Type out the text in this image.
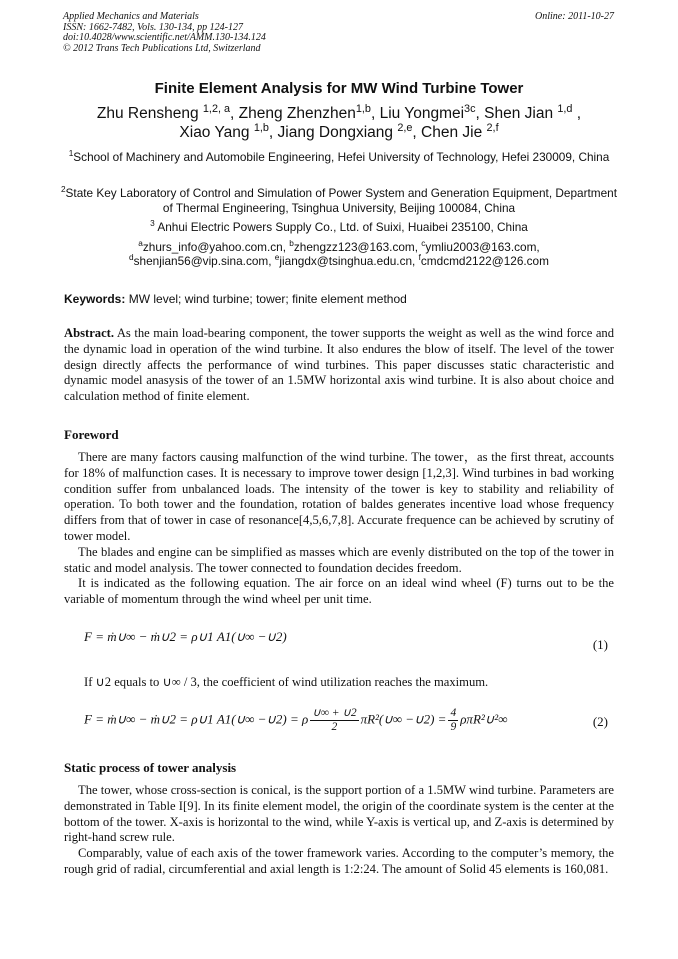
Applied Mechanics and Materials
ISSN: 1662-7482, Vols. 130-134, pp 124-127
doi:10.4028/www.scientific.net/AMM.130-134.124
© 2012 Trans Tech Publications Ltd, Switzerland
Online: 2011-10-27
Finite Element Analysis for MW Wind Turbine Tower
Zhu Rensheng $^{1,2, a}$, Zheng Zhenzhen$^{1,b}$, Liu Yongmei$^{3c}$, Shen Jian $^{1,d}$ ,
Xiao Yang $^{1,b}$, Jiang Dongxiang $^{2,e}$, Chen Jie $^{2,f}$
$^1$School of Machinery and Automobile Engineering, Hefei University of Technology, Hefei 230009, China
$^2$State Key Laboratory of Control and Simulation of Power System and Generation Equipment, Department of Thermal Engineering, Tsinghua University, Beijing 100084, China
$^3$ Anhui Electric Powers Supply Co., Ltd. of Suixi, Huaibei 235100, China
$^a$zhurs_info@yahoo.com.cn, $^b$zhengzz123@163.com, $^c$ymliu2003@163.com,
$^d$shenjian56@vip.sina.com, $^e$jiangdx@tsinghua.edu.cn, $^f$cmdcmd2122@126.com
Keywords: MW level; wind turbine; tower; finite element method

Abstract. As the main load-bearing component, the tower supports the weight as well as the wind force and the dynamic load in operation of the wind turbine. It also endures the blow of itself. The level of the tower design directly affects the performance of wind turbines. This paper discusses static characteristic and dynamic model anasysis of the tower of an 1.5MW horizontal axis wind turbine. It is also about choice and calculation method of finite element.

Foreword

There are many factors causing malfunction of the wind turbine. The tower，as the first threat, accounts for 18% of malfunction cases. It is necessary to improve tower design [1,2,3]. Wind turbines in bad working condition suffer from unbalanced loads. The intensity of the tower is key to stability and reliability of operation. To both tower and the foundation, rotation of baldes generates incentive load whose frequency differs from that of tower in case of resonance[4,5,6,7,8]. Accurate frequence can be achieved by scrutiny of tower model.

The blades and engine can be simplified as masses which are evenly distributed on the top of the tower in static and model analysis. The tower connected to foundation decides freedom.

It is indicated as the following equation. The air force on an ideal wind wheel (F) turns out to be the variable of momentum through the wind wheel per unit time.

F = ṁ∪∞ − ṁ∪2 = ρ∪1 A1(∪∞ −∪2)
(1)
If ∪2 equals to ∪∞ / 3, the coefficient of wind utilization reaches the maximum.
F = ṁ∪∞ − ṁ∪2 = ρ∪1 A1(∪∞ −∪2) = ρ $\frac{\cup\infty + \cup 2}{2}$ πR²(∪∞ −∪2) = $\frac{4}{9}$ ρπR²∪²∞	(2)
Static process of tower analysis

The tower, whose cross-section is conical, is the support portion of a 1.5MW wind turbine. Parameters are demonstrated in Table I[9]. In its finite element model, the origin of the coordinate system is the center at the bottom of the tower. X-axis is horizontal to the wind, while Y-axis is vertical up, and Z-axis is determined by right-hand screw rule.

Comparably, value of each axis of the tower framework varies. According to the computer’s memory, the rough grid of radial, circumferential and axial length is 1:2:24. The amount of Solid 45 elements is 160,081.
